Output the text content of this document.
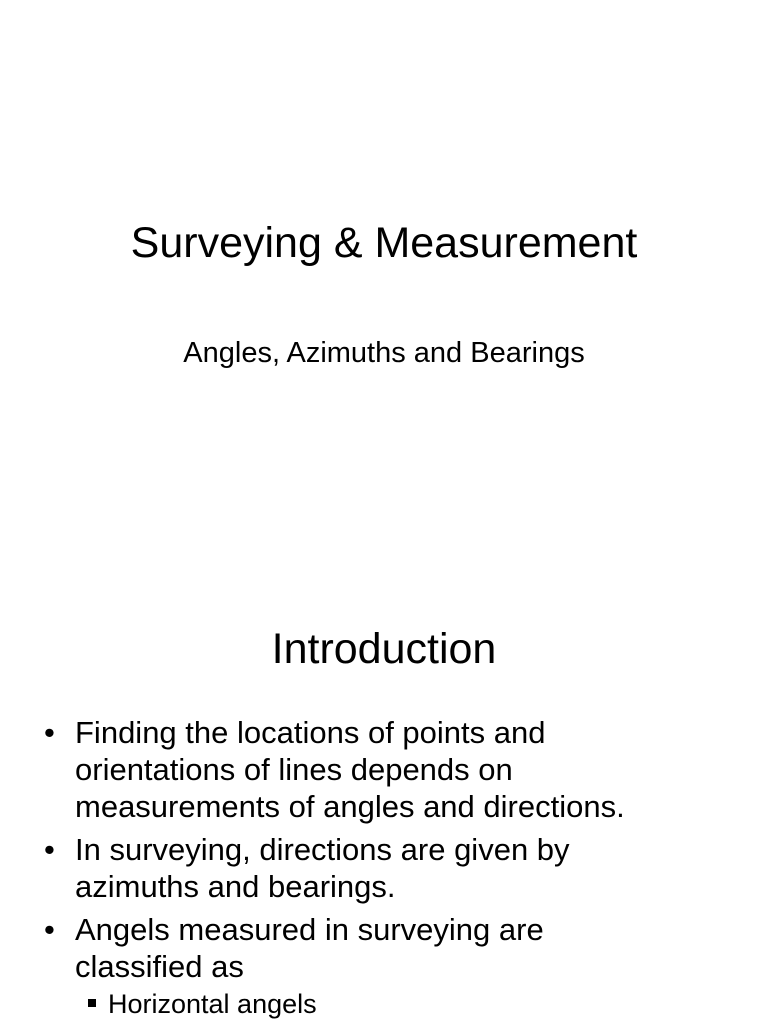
Surveying & Measurement

Angles, Azimuths and Bearings

Introduction
• Finding the locations of points and
orientations of lines depends on
measurements of angles and directions.
• In surveying, directions are given by
azimuths and bearings.
• Angels measured in surveying are
classified as
Horizontal angels
